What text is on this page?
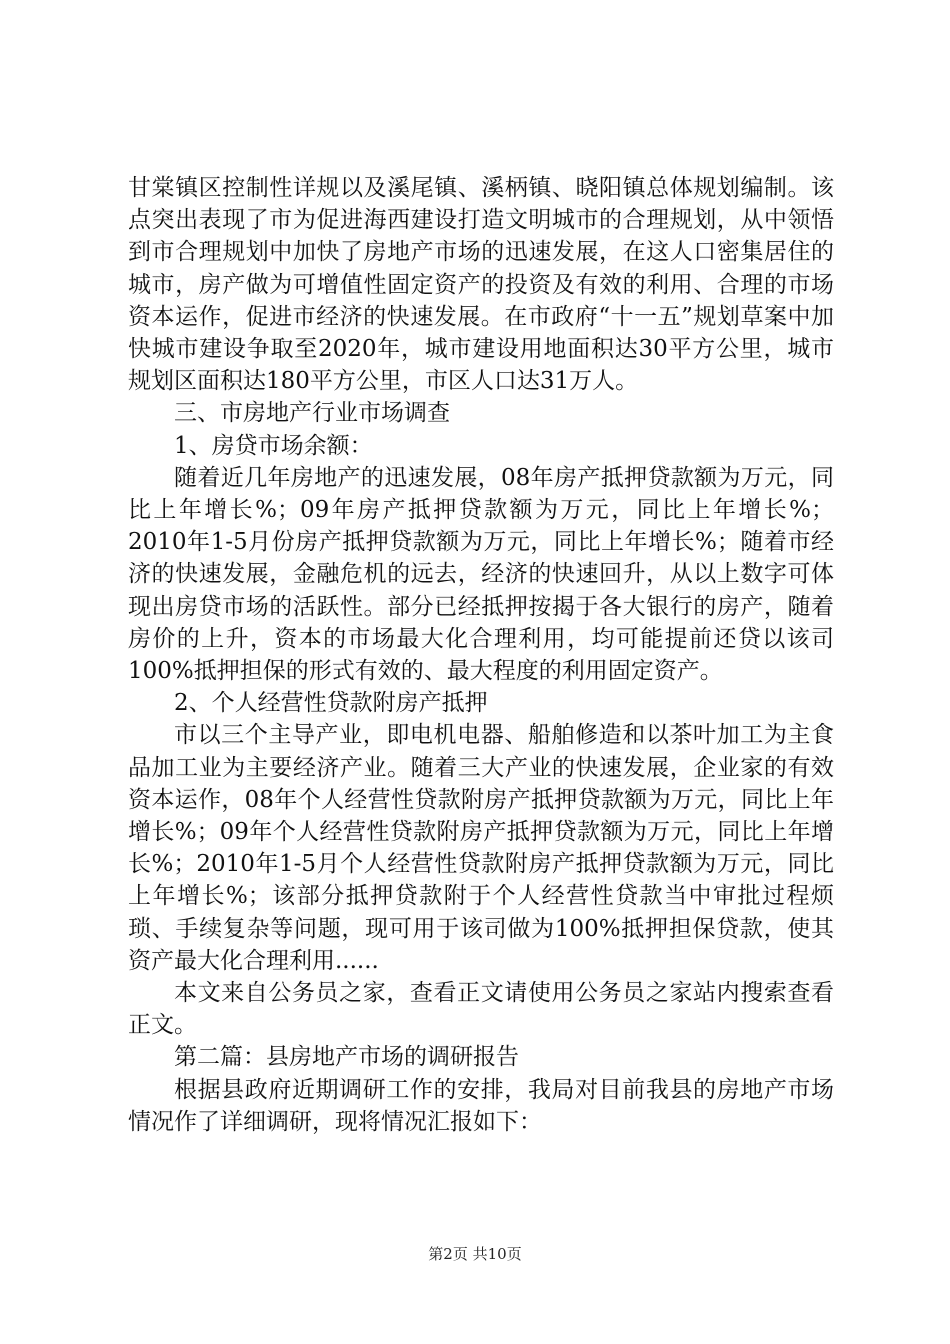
甘棠镇区控制性详规以及溪尾镇、溪柄镇、晓阳镇总体规划编制。该点突出表现了市为促进海西建设打造文明城市的合理规划，从中领悟到市合理规划中加快了房地产市场的迅速发展，在这人口密集居住的城市，房产做为可增值性固定资产的投资及有效的利用、合理的市场资本运作，促进市经济的快速发展。在市政府“十一五”规划草案中加快城市建设争取至2020年，城市建设用地面积达30平方公里，城市规划区面积达180平方公里，市区人口达31万人。

三、市房地产行业市场调查

1、房贷市场余额：

随着近几年房地产的迅速发展，08年房产抵押贷款额为万元，同比上年增长%；09年房产抵押贷款额为万元，同比上年增长%；2010年1-5月份房产抵押贷款额为万元，同比上年增长%；随着市经济的快速发展，金融危机的远去，经济的快速回升，从以上数字可体现出房贷市场的活跃性。部分已经抵押按揭于各大银行的房产，随着房价的上升，资本的市场最大化合理利用，均可能提前还贷以该司100%抵押担保的形式有效的、最大程度的利用固定资产。

2、个人经营性贷款附房产抵押

市以三个主导产业，即电机电器、船舶修造和以茶叶加工为主食品加工业为主要经济产业。随着三大产业的快速发展，企业家的有效资本运作，08年个人经营性贷款附房产抵押贷款额为万元，同比上年增长%；09年个人经营性贷款附房产抵押贷款额为万元，同比上年增长%；2010年1-5月个人经营性贷款附房产抵押贷款额为万元，同比上年增长%；该部分抵押贷款附于个人经营性贷款当中审批过程烦琐、手续复杂等问题，现可用于该司做为100%抵押担保贷款，使其资产最大化合理利用......

本文来自公务员之家，查看正文请使用公务员之家站内搜索查看正文。

第二篇：县房地产市场的调研报告

根据县政府近期调研工作的安排，我局对目前我县的房地产市场情况作了详细调研，现将情况汇报如下：

第2页 共10页
